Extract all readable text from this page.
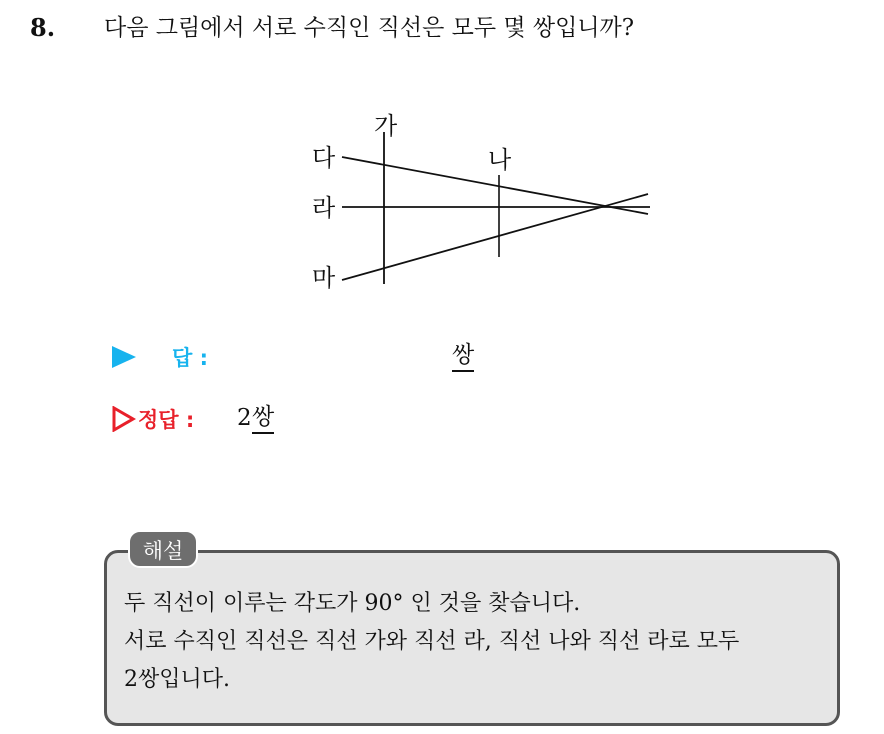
8. 다음 그림에서 서로 수직인 직선은 모두 몇 쌍입니까?
가
나
다
라
마
답 :	쌍
정답 : 2 쌍
해설
두 직선이 이루는 각도가 90° 인 것을 찾습니다.
서로 수직인 직선은 직선 가와 직선 라, 직선 나와 직선 라로 모두
2쌍입니다.
